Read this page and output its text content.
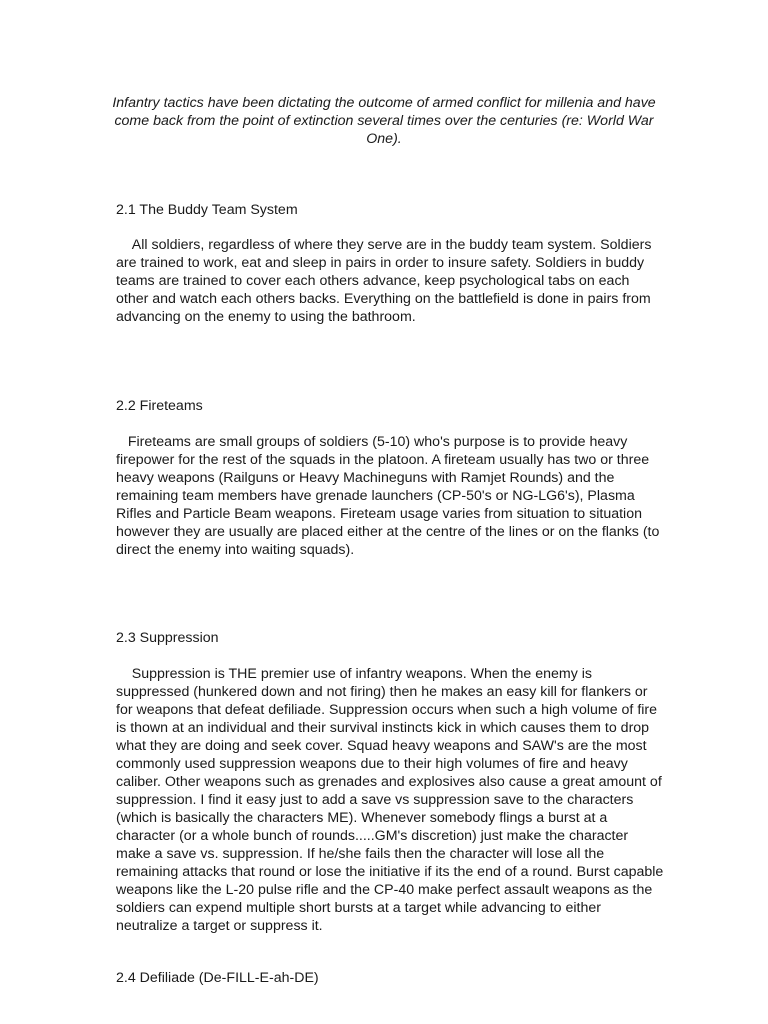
Infantry tactics have been dictating the outcome of armed conflict for millenia and have come back from the point of extinction several times over the centuries (re: World War One).

2.1 The Buddy Team System

All soldiers, regardless of where they serve are in the buddy team system. Soldiers are trained to work, eat and sleep in pairs in order to insure safety. Soldiers in buddy teams are trained to cover each others advance, keep psychological tabs on each other and watch each others backs. Everything on the battlefield is done in pairs from advancing on the enemy to using the bathroom.

2.2 Fireteams

Fireteams are small groups of soldiers (5-10) who's purpose is to provide heavy firepower for the rest of the squads in the platoon. A fireteam usually has two or three heavy weapons (Railguns or Heavy Machineguns with Ramjet Rounds) and the remaining team members have grenade launchers (CP-50's or NG-LG6's), Plasma Rifles and Particle Beam weapons. Fireteam usage varies from situation to situation however they are usually are placed either at the centre of the lines or on the flanks (to direct the enemy into waiting squads).

2.3 Suppression

Suppression is THE premier use of infantry weapons. When the enemy is suppressed (hunkered down and not firing) then he makes an easy kill for flankers or for weapons that defeat defiliade. Suppression occurs when such a high volume of fire is thown at an individual and their survival instincts kick in which causes them to drop what they are doing and seek cover. Squad heavy weapons and SAW's are the most commonly used suppression weapons due to their high volumes of fire and heavy caliber. Other weapons such as grenades and explosives also cause a great amount of suppression. I find it easy just to add a save vs suppression save to the characters (which is basically the characters ME). Whenever somebody flings a burst at a character (or a whole bunch of rounds.....GM's discretion) just make the character make a save vs. suppression. If he/she fails then the character will lose all the remaining attacks that round or lose the initiative if its the end of a round. Burst capable weapons like the L-20 pulse rifle and the CP-40 make perfect assault weapons as the soldiers can expend multiple short bursts at a target while advancing to either neutralize a target or suppress it.

2.4 Defiliade (De-FILL-E-ah-DE)
